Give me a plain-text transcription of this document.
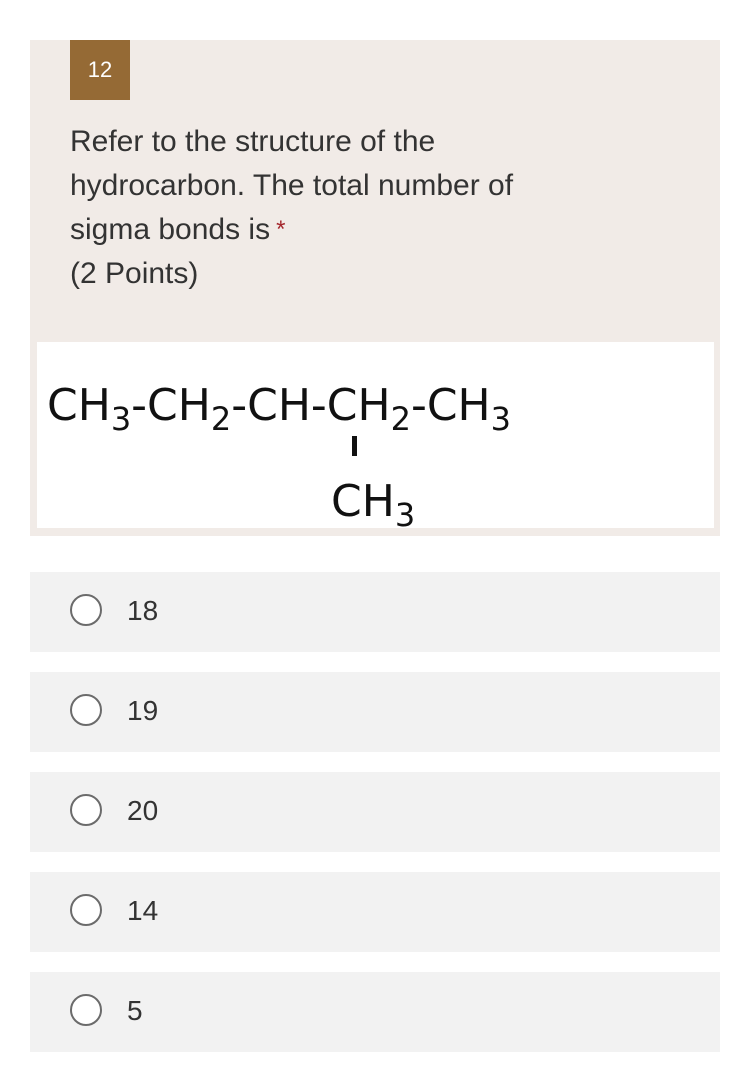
12
Refer to the structure of the
hydrocarbon. The total number of
sigma bonds is *
(2 Points)
$CH_3-CH_2-CH-CH_2-CH_3$
$CH_3$
18
19
20
14
5
